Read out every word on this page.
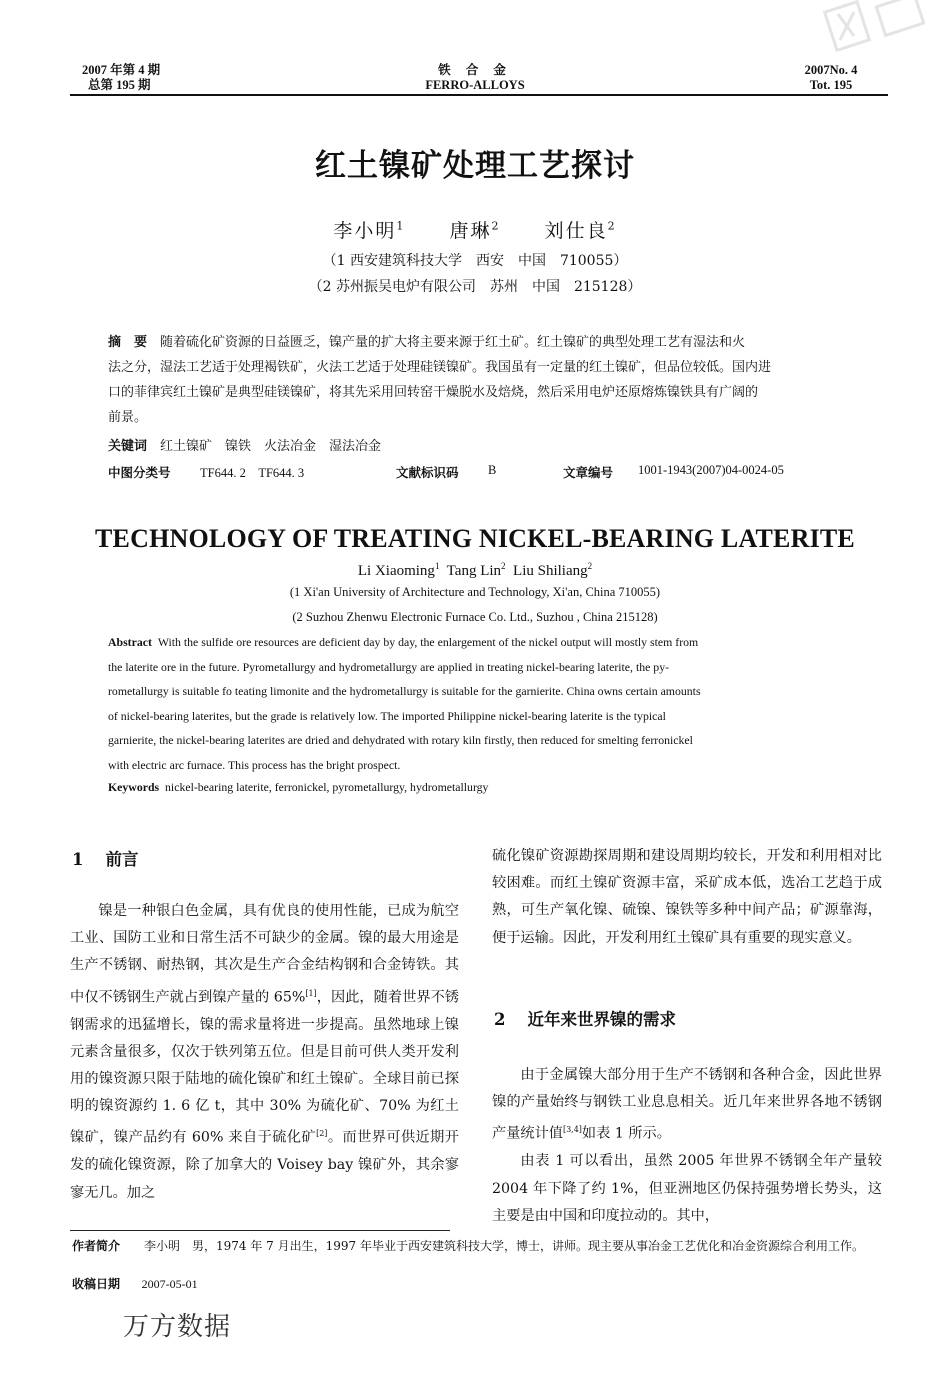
2007 年第 4 期
总第 195 期
铁 合 金
FERRO-ALLOYS
2007No. 4
Tot. 195
红土镍矿处理工艺探讨
李小明$^1$ 唐琳$^2$ 刘仕良$^2$
（1 西安建筑科技大学　西安　中国　710055）
（2 苏州振吴电炉有限公司　苏州　中国　215128）
摘　要　 随着硫化矿资源的日益匮乏，镍产量的扩大将主要来源于红土矿。红土镍矿的典型处理工艺有湿法和火
法之分，湿法工艺适于处理褐铁矿，火法工艺适于处理硅镁镍矿。我国虽有一定量的红土镍矿，但品位较低。国内进
口的菲律宾红土镍矿是典型硅镁镍矿，将其先采用回转窑干燥脱水及焙烧，然后采用电炉还原熔炼镍铁具有广阔的
前景。
关键词　 红土镍矿　镍铁　火法冶金　湿法冶金
中图分类号 TF644. 2　TF644. 3	文献标识码 B	文章编号 1001-1943(2007)04-0024-05
TECHNOLOGY OF TREATING NICKEL-BEARING LATERITE
Li Xiaoming$^1$ Tang Lin$^2$ Liu Shiliang$^2$
(1 Xi'an University of Architecture and Technology, Xi'an, China 710055)
(2 Suzhou Zhenwu Electronic Furnace Co. Ltd., Suzhou , China 215128)
Abstract With the sulfide ore resources are deficient day by day, the enlargement of the nickel output will mostly stem from
the laterite ore in the future. Pyrometallurgy and hydrometallurgy are applied in treating nickel-bearing laterite, the py-
rometallurgy is suitable fo teating limonite and the hydrometallurgy is suitable for the garnierite. China owns certain amounts
of nickel-bearing laterites, but the grade is relatively low. The imported Philippine nickel-bearing laterite is the typical
garnierite, the nickel-bearing laterites are dried and dehydrated with rotary kiln firstly, then reduced for smelting ferronickel
with electric arc furnace. This process has the bright prospect.
Keywords nickel-bearing laterite, ferronickel, pyrometallurgy, hydrometallurgy
1 前言

镍是一种银白色金属，具有优良的使用性能，已成为航空工业、国防工业和日常生活不可缺少的金属。镍的最大用途是生产不锈钢、耐热钢，其次是生产合金结构钢和合金铸铁。其中仅不锈钢生产就占到镍产量的 65%[1]，因此，随着世界不锈钢需求的迅猛增长，镍的需求量将进一步提高。虽然地球上镍元素含量很多，仅次于铁列第五位。但是目前可供人类开发利用的镍资源只限于陆地的硫化镍矿和红土镍矿。全球目前已探明的镍资源约 1. 6 亿 t，其中 30% 为硫化矿、70% 为红土镍矿，镍产品约有 60% 来自于硫化矿[2]。而世界可供近期开发的硫化镍资源，除了加拿大的 Voisey bay 镍矿外，其余寥寥无几。加之

硫化镍矿资源勘探周期和建设周期均较长，开发和利用相对比较困难。而红土镍矿资源丰富，采矿成本低，选冶工艺趋于成熟，可生产氧化镍、硫镍、镍铁等多种中间产品；矿源靠海，便于运输。因此，开发利用红土镍矿具有重要的现实意义。

2 近年来世界镍的需求

由于金属镍大部分用于生产不锈钢和各种合金，因此世界镍的产量始终与钢铁工业息息相关。近几年来世界各地不锈钢产量统计值[3,4]如表 1 所示。

由表 1 可以看出，虽然 2005 年世界不锈钢全年产量较 2004 年下降了约 1%，但亚洲地区仍保持强势增长势头，这主要是由中国和印度拉动的。其中，

作者简介 李小明　男，1974 年 7 月出生，1997 年毕业于西安建筑科技大学，博士，讲师。现主要从事冶金工艺优化和冶金资源综合利用工作。
收稿日期 2007-05-01
万方数据
